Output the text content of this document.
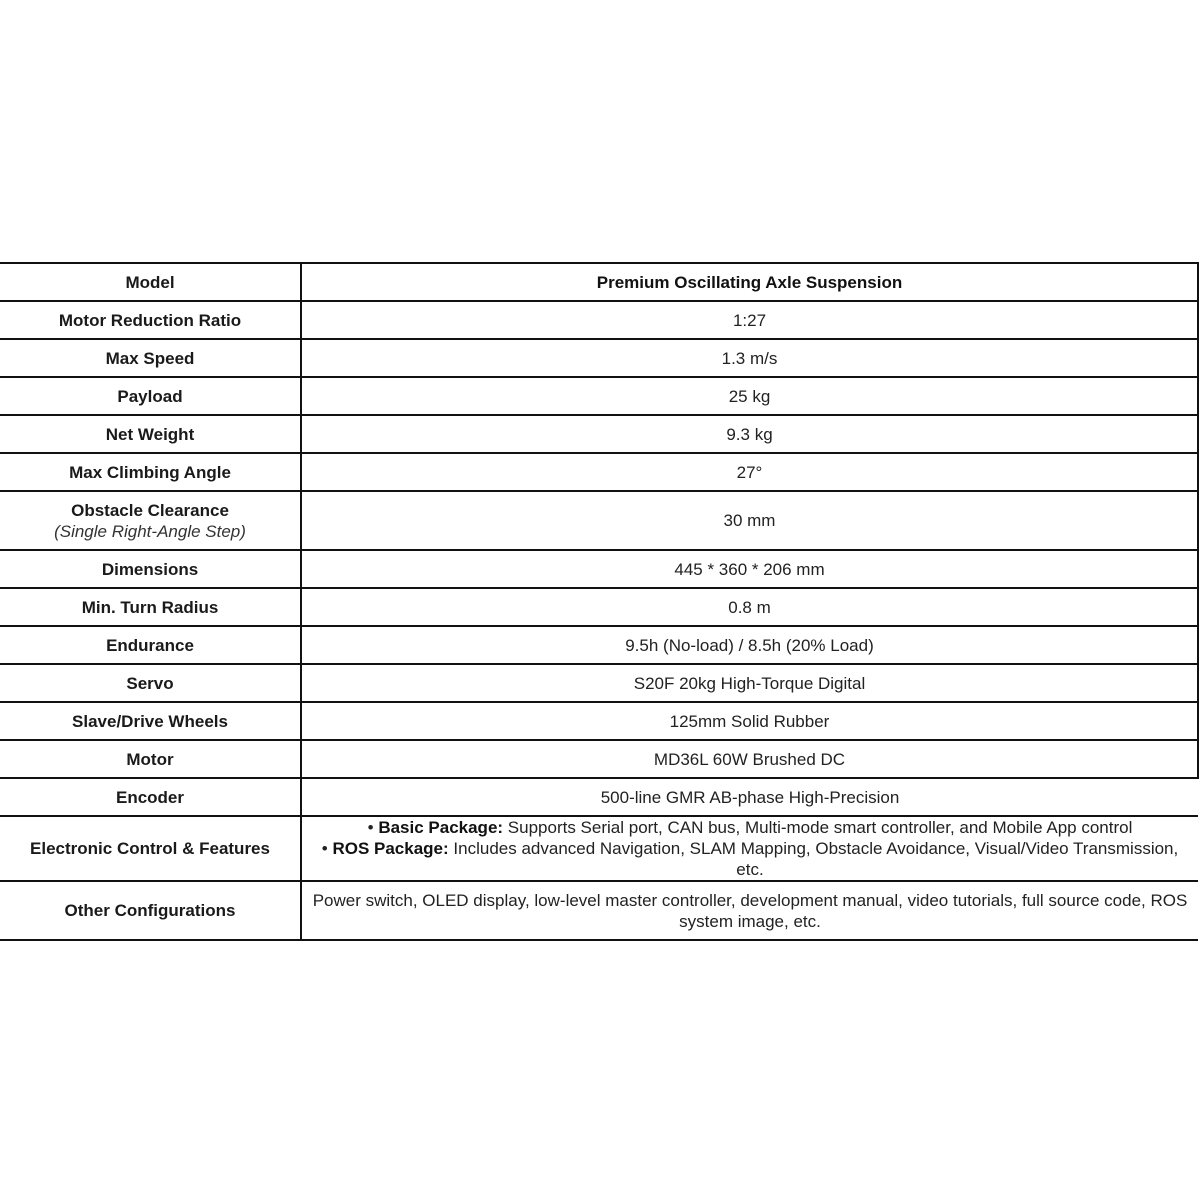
Model	Premium Oscillating Axle Suspension
Motor Reduction Ratio	1:27
Max Speed	1.3 m/s
Payload	25 kg
Net Weight	9.3 kg
Max Climbing Angle	27°
Obstacle Clearance
(Single Right-Angle Step)	30 mm
Dimensions	445 * 360 * 206 mm
Min. Turn Radius	0.8 m
Endurance	9.5h (No-load) / 8.5h (20% Load)
Servo	S20F 20kg High-Torque Digital
Slave/Drive Wheels	125mm Solid Rubber
Motor	MD36L 60W Brushed DC
Encoder	500-line GMR AB-phase High-Precision
Electronic Control & Features	• Basic Package: Supports Serial port, CAN bus, Multi-mode smart controller, and Mobile App control
• ROS Package: Includes advanced Navigation, SLAM Mapping, Obstacle Avoidance, Visual/Video Transmission, etc.

Other Configurations	Power switch, OLED display, low-level master controller, development manual, video tutorials, full source code, ROS system image, etc.
